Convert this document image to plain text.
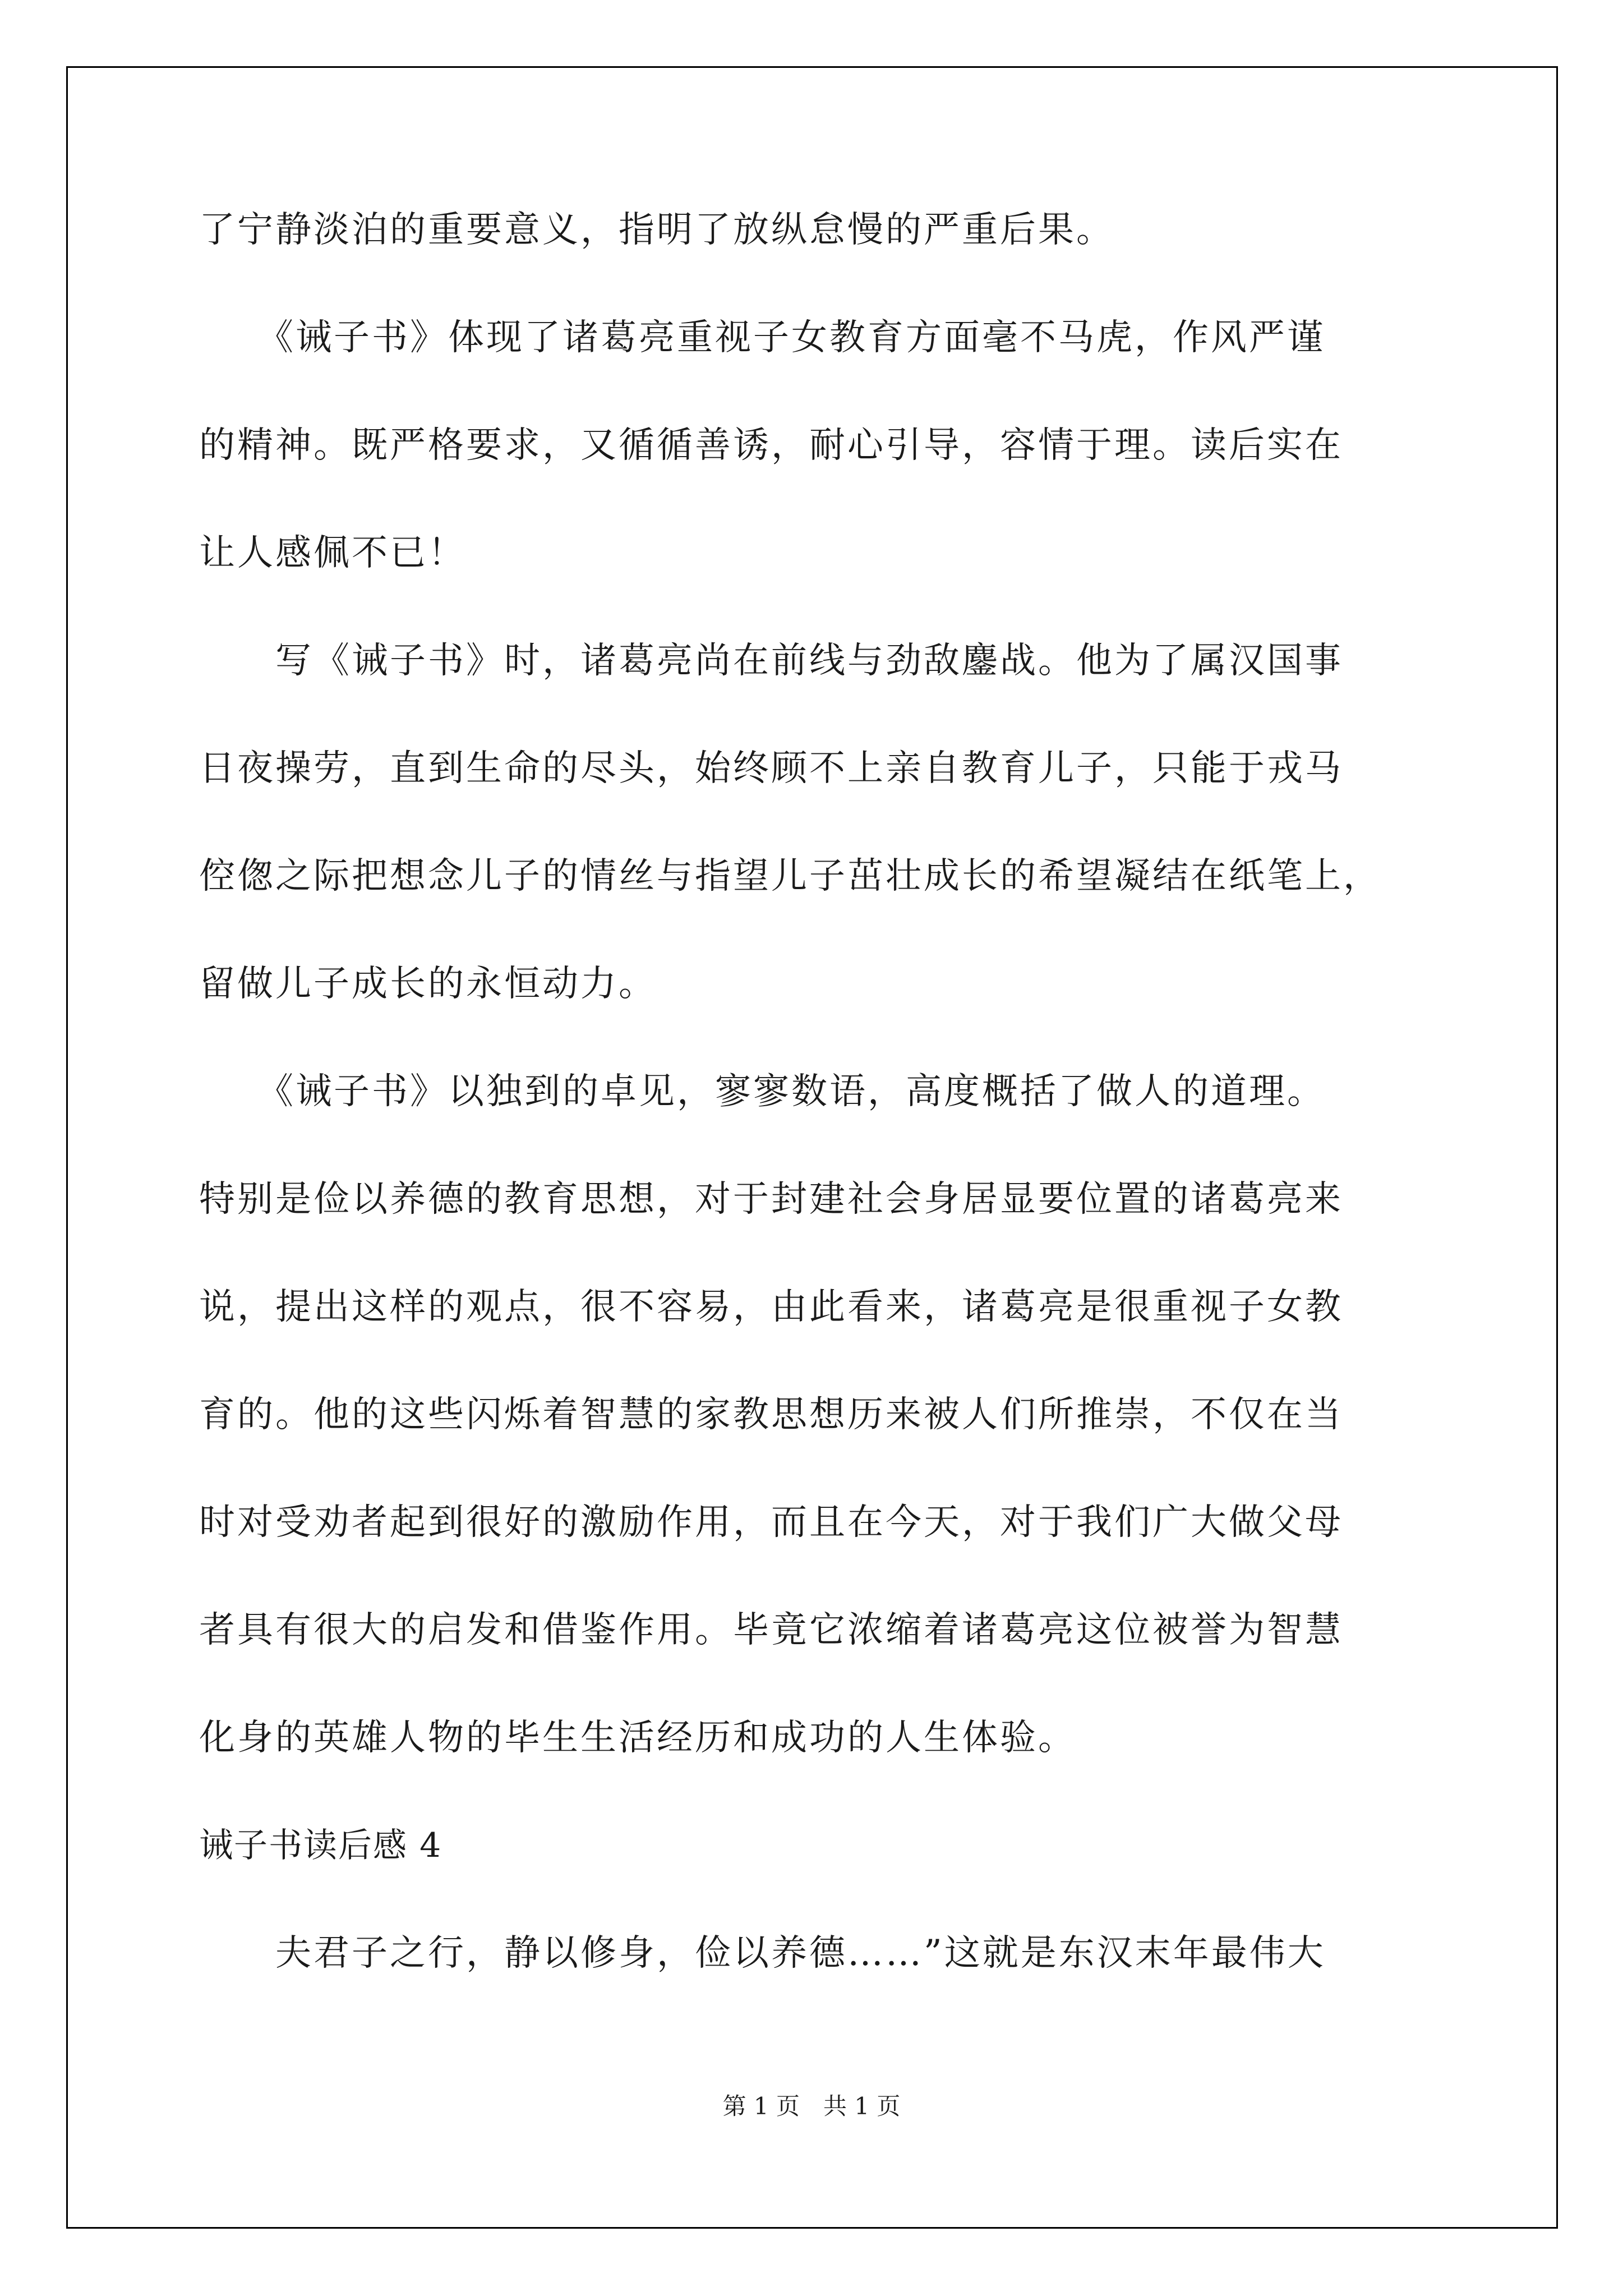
了宁静淡泊的重要意义，指明了放纵怠慢的严重后果。
　　《诫子书》体现了诸葛亮重视子女教育方面毫不马虎，作风严谨
的精神。既严格要求，又循循善诱，耐心引导，容情于理。读后实在
让人感佩不已！
　　写《诫子书》时，诸葛亮尚在前线与劲敌鏖战。他为了属汉国事
日夜操劳，直到生命的尽头，始终顾不上亲自教育儿子，只能于戎马
倥偬之际把想念儿子的情丝与指望儿子茁壮成长的希望凝结在纸笔上，
留做儿子成长的永恒动力。
　　《诫子书》以独到的卓见，寥寥数语，高度概括了做人的道理。
特别是俭以养德的教育思想，对于封建社会身居显要位置的诸葛亮来
说，提出这样的观点，很不容易，由此看来，诸葛亮是很重视子女教
育的。他的这些闪烁着智慧的家教思想历来被人们所推崇，不仅在当
时对受劝者起到很好的激励作用，而且在今天，对于我们广大做父母
者具有很大的启发和借鉴作用。毕竟它浓缩着诸葛亮这位被誉为智慧
化身的英雄人物的毕生生活经历和成功的人生体验。
诫子书读后感 4
　　夫君子之行，静以修身，俭以养德……”这就是东汉末年最伟大
第 1 页　共 1 页
